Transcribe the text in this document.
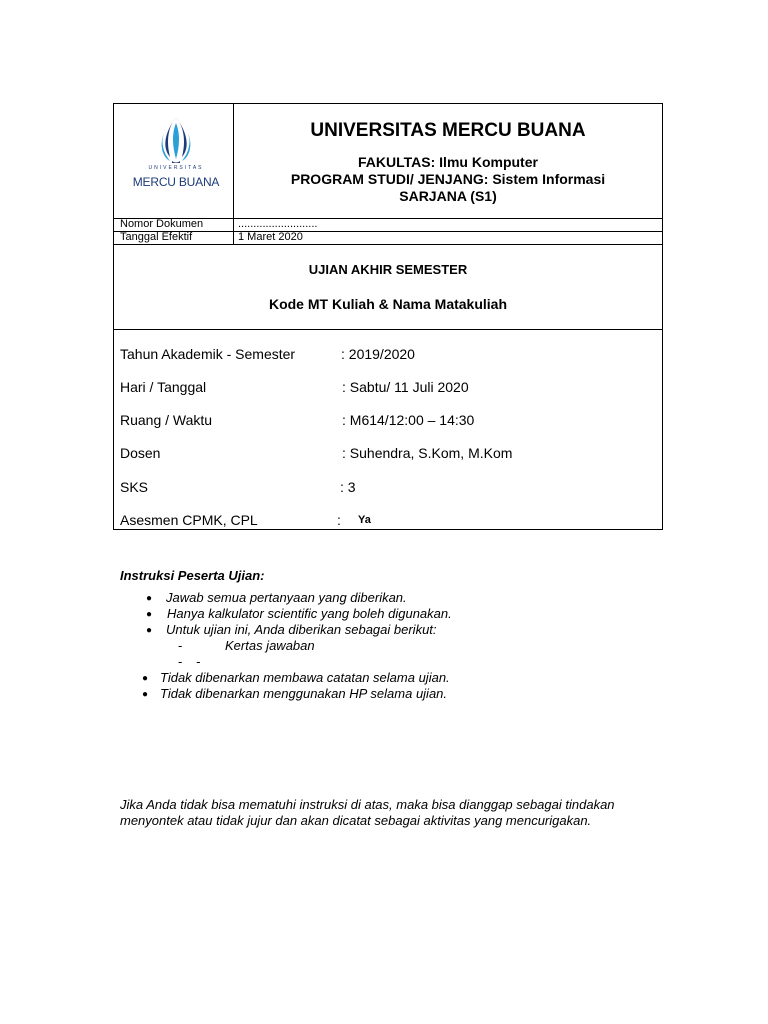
UNIVERSITAS
MERCU BUANA
UNIVERSITAS MERCU BUANA
FAKULTAS: Ilmu Komputer
PROGRAM STUDI/ JENJANG: Sistem Informasi
SARJANA (S1)
Nomor Dokumen	..........................
Tanggal Efektif	1 Maret 2020
UJIAN AKHIR SEMESTER
Kode MT Kuliah & Nama Matakuliah
Tahun Akademik - Semester	: 2019/2020
Hari / Tanggal	: Sabtu/ 11 Juli 2020
Ruang / Waktu	: M614/12:00 – 14:30
Dosen	: Suhendra, S.Kom, M.Kom
SKS	: 3
Asesmen CPMK, CPL	: Ya
Instruksi Peserta Ujian:
● Jawab semua pertanyaan yang diberikan.
● Hanya kalkulator scientific yang boleh digunakan.
● Untuk ujian ini, Anda diberikan sebagai berikut:
-	Kertas jawaban
- -
● Tidak dibenarkan membawa catatan selama ujian.
● Tidak dibenarkan menggunakan HP selama ujian.
Jika Anda tidak bisa mematuhi instruksi di atas, maka bisa dianggap sebagai tindakan menyontek atau tidak jujur dan akan dicatat sebagai aktivitas yang mencurigakan.
